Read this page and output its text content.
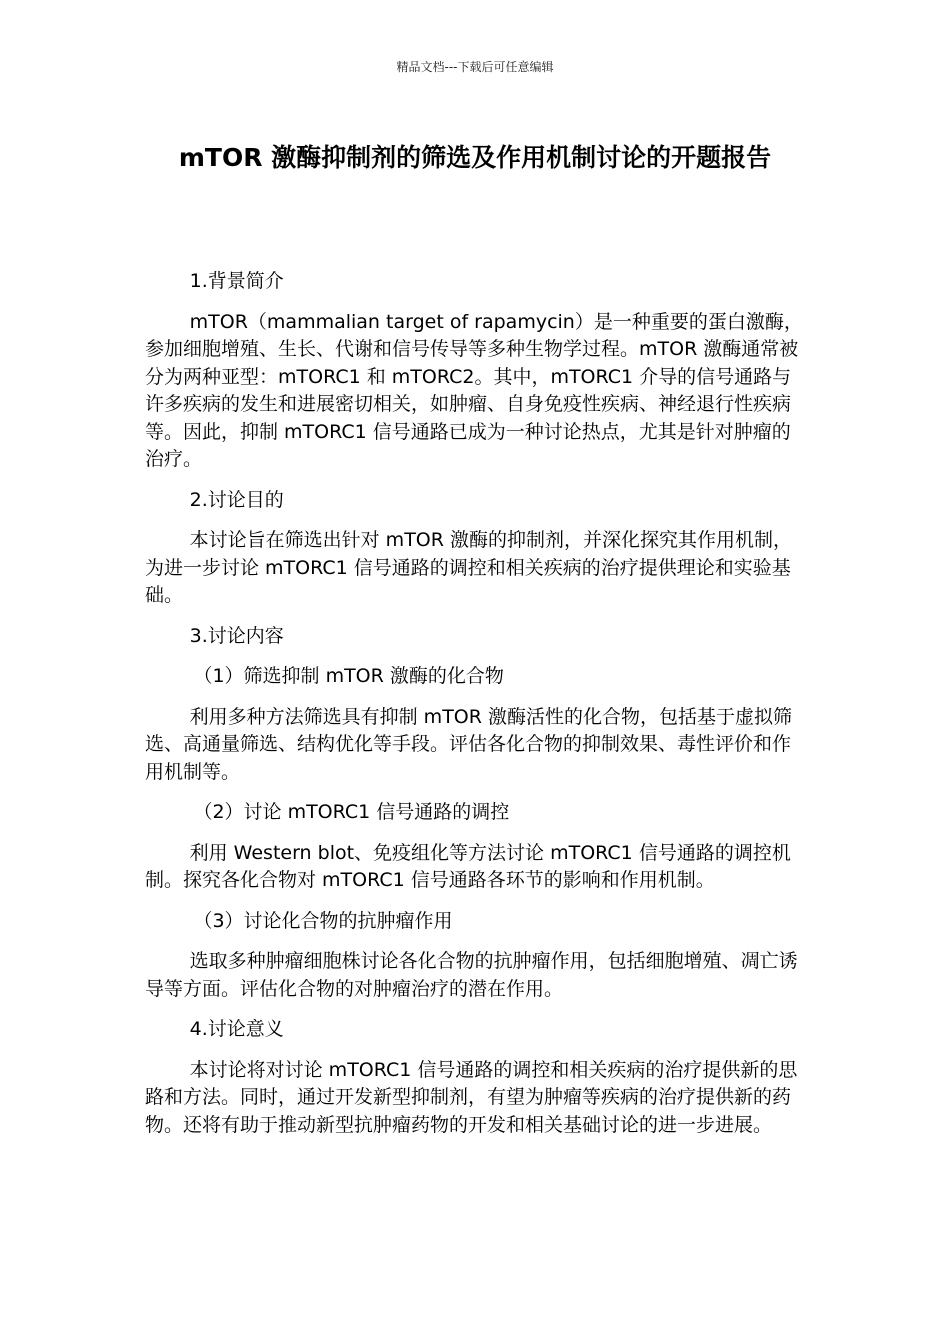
精品文档---下载后可任意编辑
mTOR 激酶抑制剂的筛选及作用机制讨论的开题报告

1.背景简介

mTOR（mammalian target of rapamycin）是一种重要的蛋白激酶，参加细胞增殖、生长、代谢和信号传导等多种生物学过程。mTOR 激酶通常被分为两种亚型：mTORC1 和 mTORC2。其中，mTORC1 介导的信号通路与许多疾病的发生和进展密切相关，如肿瘤、自身免疫性疾病、神经退行性疾病等。因此，抑制 mTORC1 信号通路已成为一种讨论热点，尤其是针对肿瘤的治疗。

2.讨论目的

本讨论旨在筛选出针对 mTOR 激酶的抑制剂，并深化探究其作用机制，为进一步讨论 mTORC1 信号通路的调控和相关疾病的治疗提供理论和实验基础。

3.讨论内容

（1）筛选抑制 mTOR 激酶的化合物

利用多种方法筛选具有抑制 mTOR 激酶活性的化合物，包括基于虚拟筛选、高通量筛选、结构优化等手段。评估各化合物的抑制效果、毒性评价和作用机制等。

（2）讨论 mTORC1 信号通路的调控

利用 Western blot、免疫组化等方法讨论 mTORC1 信号通路的调控机制。探究各化合物对 mTORC1 信号通路各环节的影响和作用机制。

（3）讨论化合物的抗肿瘤作用

选取多种肿瘤细胞株讨论各化合物的抗肿瘤作用，包括细胞增殖、凋亡诱导等方面。评估化合物的对肿瘤治疗的潜在作用。

4.讨论意义

本讨论将对讨论 mTORC1 信号通路的调控和相关疾病的治疗提供新的思路和方法。同时，通过开发新型抑制剂，有望为肿瘤等疾病的治疗提供新的药物。还将有助于推动新型抗肿瘤药物的开发和相关基础讨论的进一步进展。
